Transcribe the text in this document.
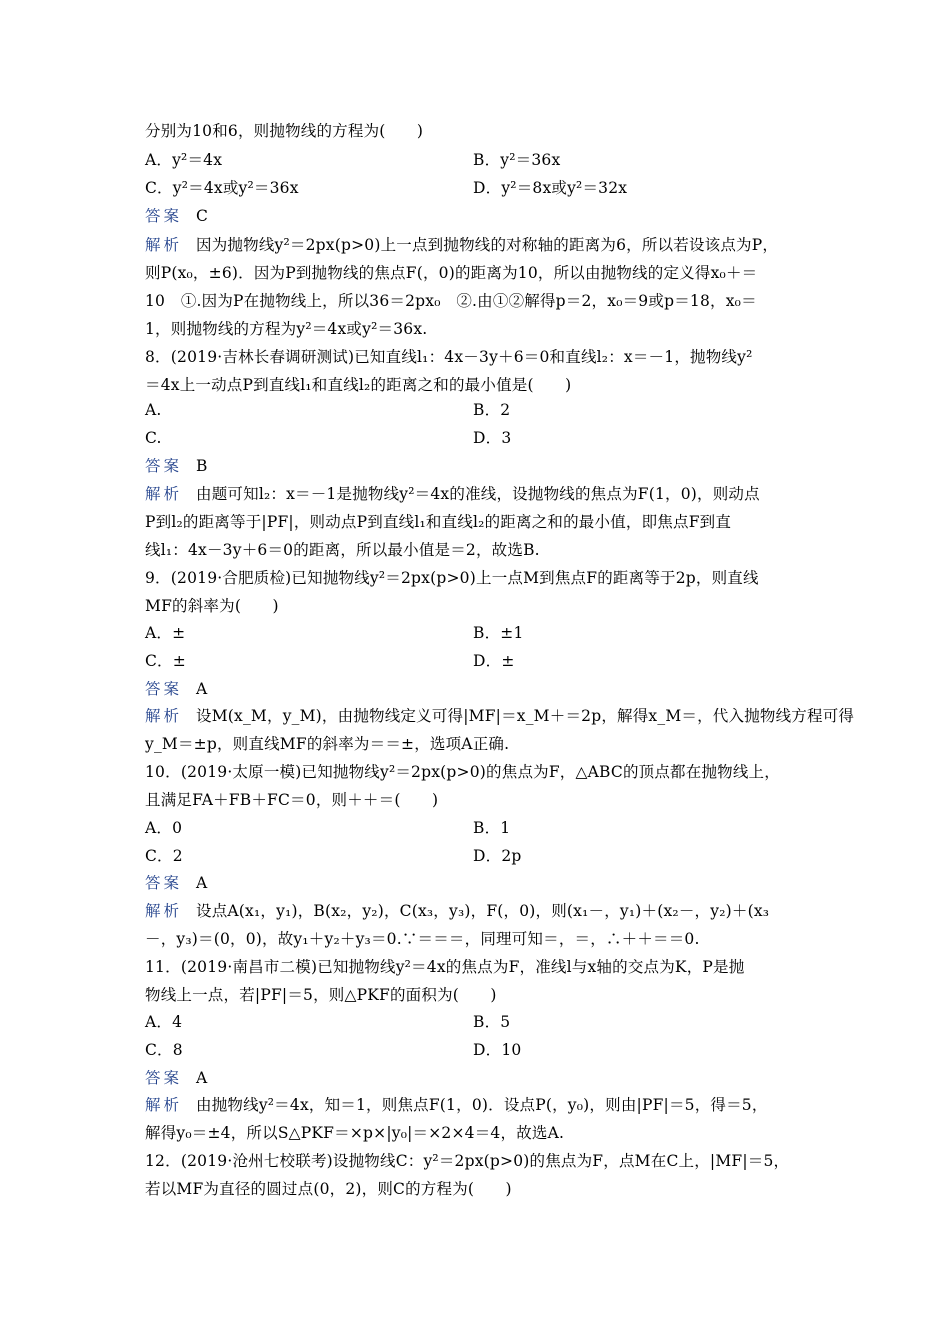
分别为10和6，则抛物线的方程为(　　)
A．y²＝4x	B．y²＝36x
C．y²＝4x或y²＝36x	D．y²＝8x或y²＝32x
答案 C
解析 因为抛物线y²＝2px(p>0)上一点到抛物线的对称轴的距离为6，所以若设该点为P，
则P(x₀，±6)．因为P到抛物线的焦点F(，0)的距离为10，所以由抛物线的定义得x₀＋＝
10　①.因为P在抛物线上，所以36＝2px₀　②.由①②解得p＝2，x₀＝9或p＝18，x₀＝
1，则抛物线的方程为y²＝4x或y²＝36x.
8．(2019·吉林长春调研测试)已知直线l₁：4x－3y＋6＝0和直线l₂：x＝－1，抛物线y²
＝4x上一动点P到直线l₁和直线l₂的距离之和的最小值是(　　)
A.	B．2
C.	D．3
答案 B
解析 由题可知l₂：x＝－1是抛物线y²＝4x的准线，设抛物线的焦点为F(1，0)，则动点
P到l₂的距离等于|PF|，则动点P到直线l₁和直线l₂的距离之和的最小值，即焦点F到直
线l₁：4x－3y＋6＝0的距离，所以最小值是＝2，故选B.
9．(2019·合肥质检)已知抛物线y²＝2px(p>0)上一点M到焦点F的距离等于2p，则直线
MF的斜率为(　　)
A．±	B．±1
C．±	D．±
答案 A
解析 设M(x_M，y_M)，由抛物线定义可得|MF|＝x_M＋＝2p，解得x_M＝，代入抛物线方程可得
y_M＝±p，则直线MF的斜率为＝＝±，选项A正确.
10．(2019·太原一模)已知抛物线y²＝2px(p>0)的焦点为F，△ABC的顶点都在抛物线上，
且满足FA＋FB＋FC＝0，则＋＋＝(　　)
A．0	B．1
C．2	D．2p
答案 A
解析 设点A(x₁，y₁)，B(x₂，y₂)，C(x₃，y₃)，F(，0)，则(x₁－，y₁)＋(x₂－，y₂)＋(x₃
－，y₃)＝(0，0)，故y₁＋y₂＋y₃＝0.∵＝＝＝，同理可知＝，＝，∴＋＋＝＝0.
11．(2019·南昌市二模)已知抛物线y²＝4x的焦点为F，准线l与x轴的交点为K，P是抛
物线上一点，若|PF|＝5，则△PKF的面积为(　　)
A．4	B．5
C．8	D．10
答案 A
解析 由抛物线y²＝4x，知＝1，则焦点F(1，0)．设点P(，y₀)，则由|PF|＝5，得＝5，
解得y₀＝±4，所以S△PKF＝×p×|y₀|＝×2×4＝4，故选A.
12．(2019·沧州七校联考)设抛物线C：y²＝2px(p>0)的焦点为F，点M在C上，|MF|＝5，
若以MF为直径的圆过点(0，2)，则C的方程为(　　)
